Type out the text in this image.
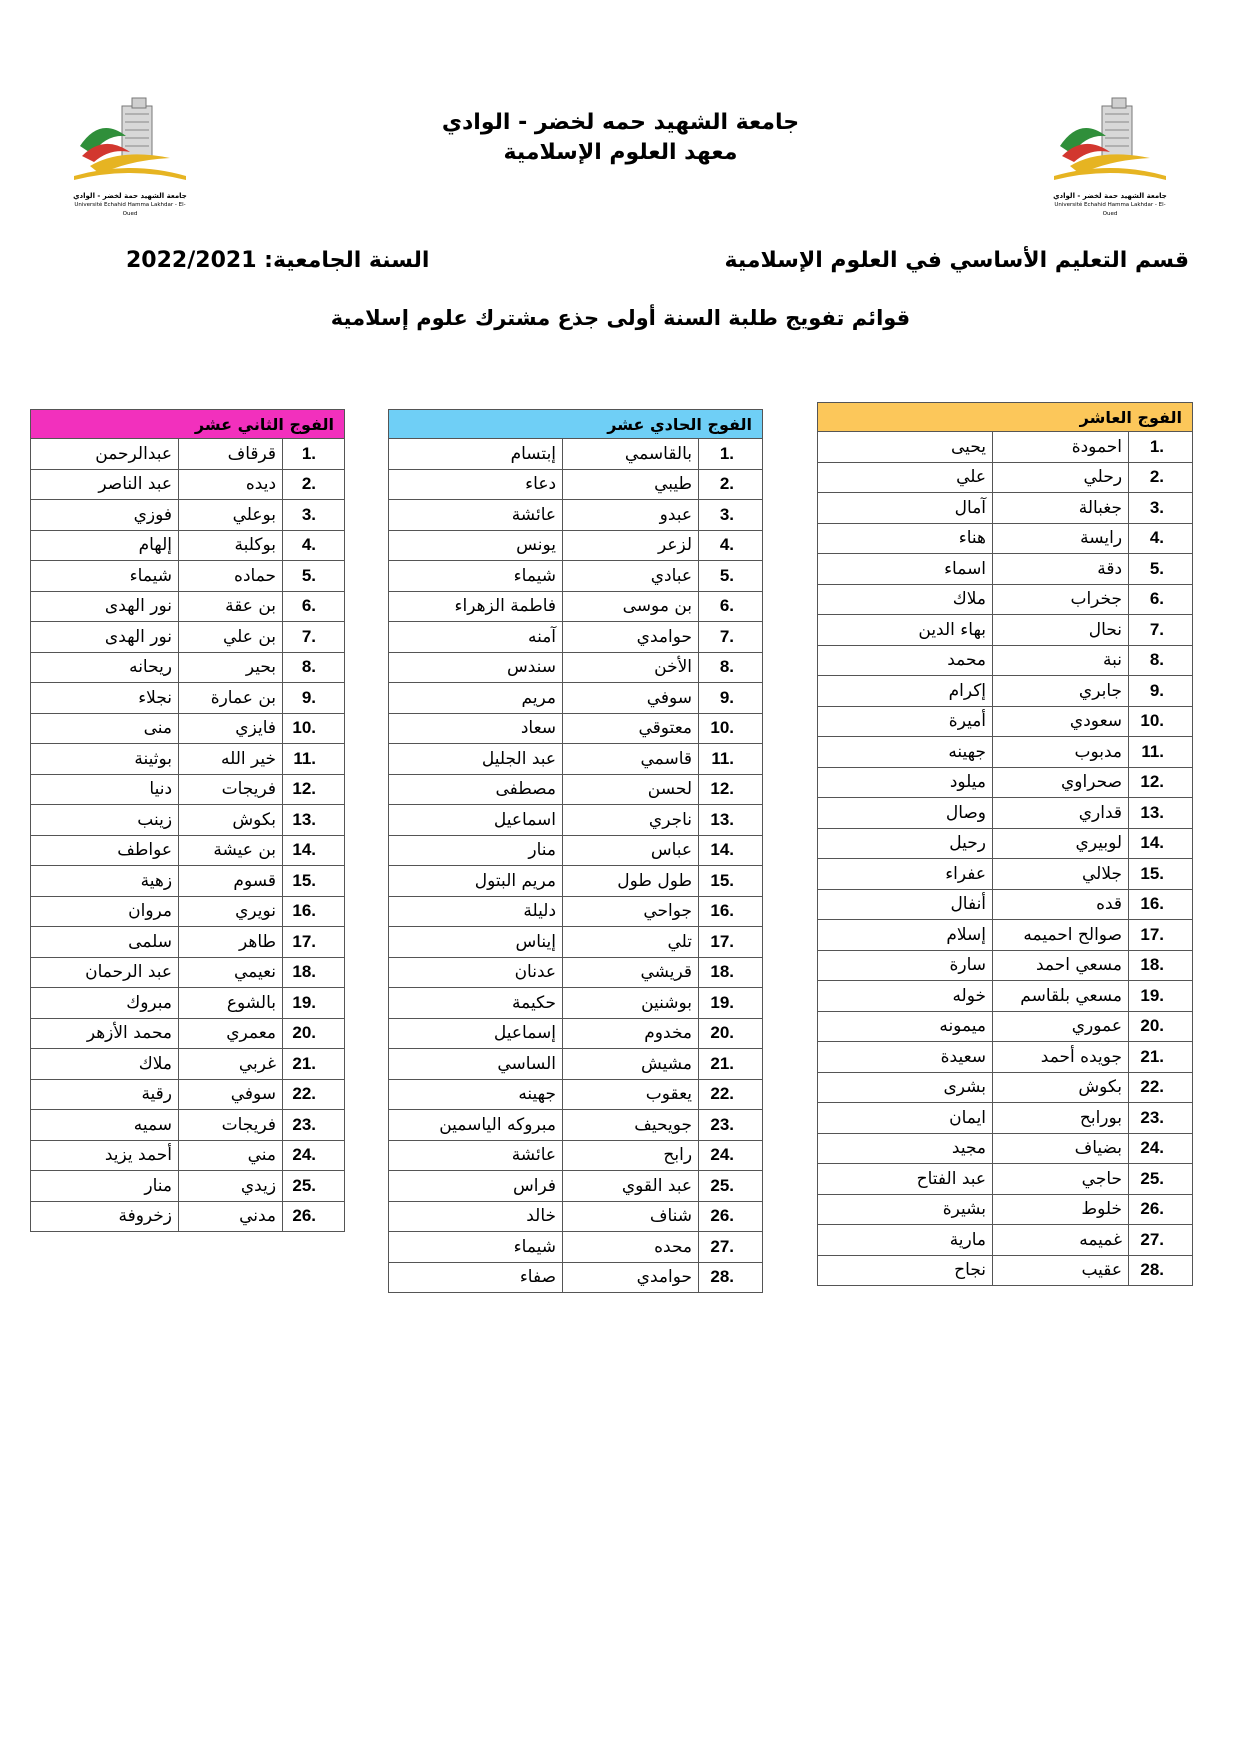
جامعة الشهيد حمة لخضر - الوادي
Université Echahid Hamma Lakhdar - El-Oued
جامعة الشهيد حمة لخضر - الوادي
Université Echahid Hamma Lakhdar - El-Oued
جامعة الشهيد حمه لخضر - الوادي
معهد العلوم الإسلامية
قسم التعليم الأساسي في العلوم الإسلامية
السنة الجامعية: 2022/2021
قوائم تفويج طلبة السنة أولى جذع مشترك علوم إسلامية
الفوج العاشر		
1.	احمودة	يحيى
2.	رحلي	علي
3.	جغبالة	آمال
4.	رايسة	هناء
5.	دقة	اسماء
6.	جخراب	ملاك
7.	نحال	بهاء الدين
8.	نبة	محمد
9.	جابري	إكرام
10.	سعودي	أميرة
11.	مدبوب	جهينه
12.	صحراوي	ميلود
13.	قداري	وصال
14.	لوبيري	رحيل
15.	جلالي	عفراء
16.	قده	أنفال
17.	صوالح احميمه	إسلام
18.	مسعي احمد	سارة
19.	مسعي بلقاسم	خوله
20.	عموري	ميمونه
21.	جويده أحمد	سعيدة
22.	بكوش	بشرى
23.	بورابح	ايمان
24.	بضياف	مجيد
25.	حاجي	عبد الفتاح
26.	خلوط	بشيرة
27.	غميمه	مارية
28.	عقيب	نجاح
الفوج الحادي عشر		
1.	بالقاسمي	إبتسام
2.	طيبي	دعاء
3.	عبدو	عائشة
4.	لزعر	يونس
5.	عبادي	شيماء
6.	بن موسى	فاطمة الزهراء
7.	حوامدي	آمنه
8.	الأخن	سندس
9.	سوفي	مريم
10.	معتوقي	سعاد
11.	قاسمي	عبد الجليل
12.	لحسن	مصطفى
13.	ناجري	اسماعيل
14.	عباس	منار
15.	طول طول	مريم البتول
16.	جواحي	دليلة
17.	تلي	إيناس
18.	قريشي	عدنان
19.	بوشنين	حكيمة
20.	مخدوم	إسماعيل
21.	مشيش	الساسي
22.	يعقوب	جهينه
23.	جويحيف	مبروكه الياسمين
24.	رابح	عائشة
25.	عبد القوي	فراس
26.	شناف	خالد
27.	محده	شيماء
28.	حوامدي	صفاء
الفوج الثاني عشر		
1.	قرقاف	عبدالرحمن
2.	ديده	عبد الناصر
3.	بوعلي	فوزي
4.	بوكلبة	إلهام
5.	حماده	شيماء
6.	بن عقة	نور الهدى
7.	بن علي	نور الهدى
8.	بحير	ريحانه
9.	بن عمارة	نجلاء
10.	فايزي	منى
11.	خير الله	بوثينة
12.	فريجات	دنيا
13.	بكوش	زينب
14.	بن عيشة	عواطف
15.	قسوم	زهية
16.	نويري	مروان
17.	طاهر	سلمى
18.	نعيمي	عبد الرحمان
19.	بالشوع	مبروك
20.	معمري	محمد الأزهر
21.	غربي	ملاك
22.	سوفي	رقية
23.	فريجات	سميه
24.	مني	أحمد يزيد
25.	زيدي	منار
26.	مدني	زخروفة
